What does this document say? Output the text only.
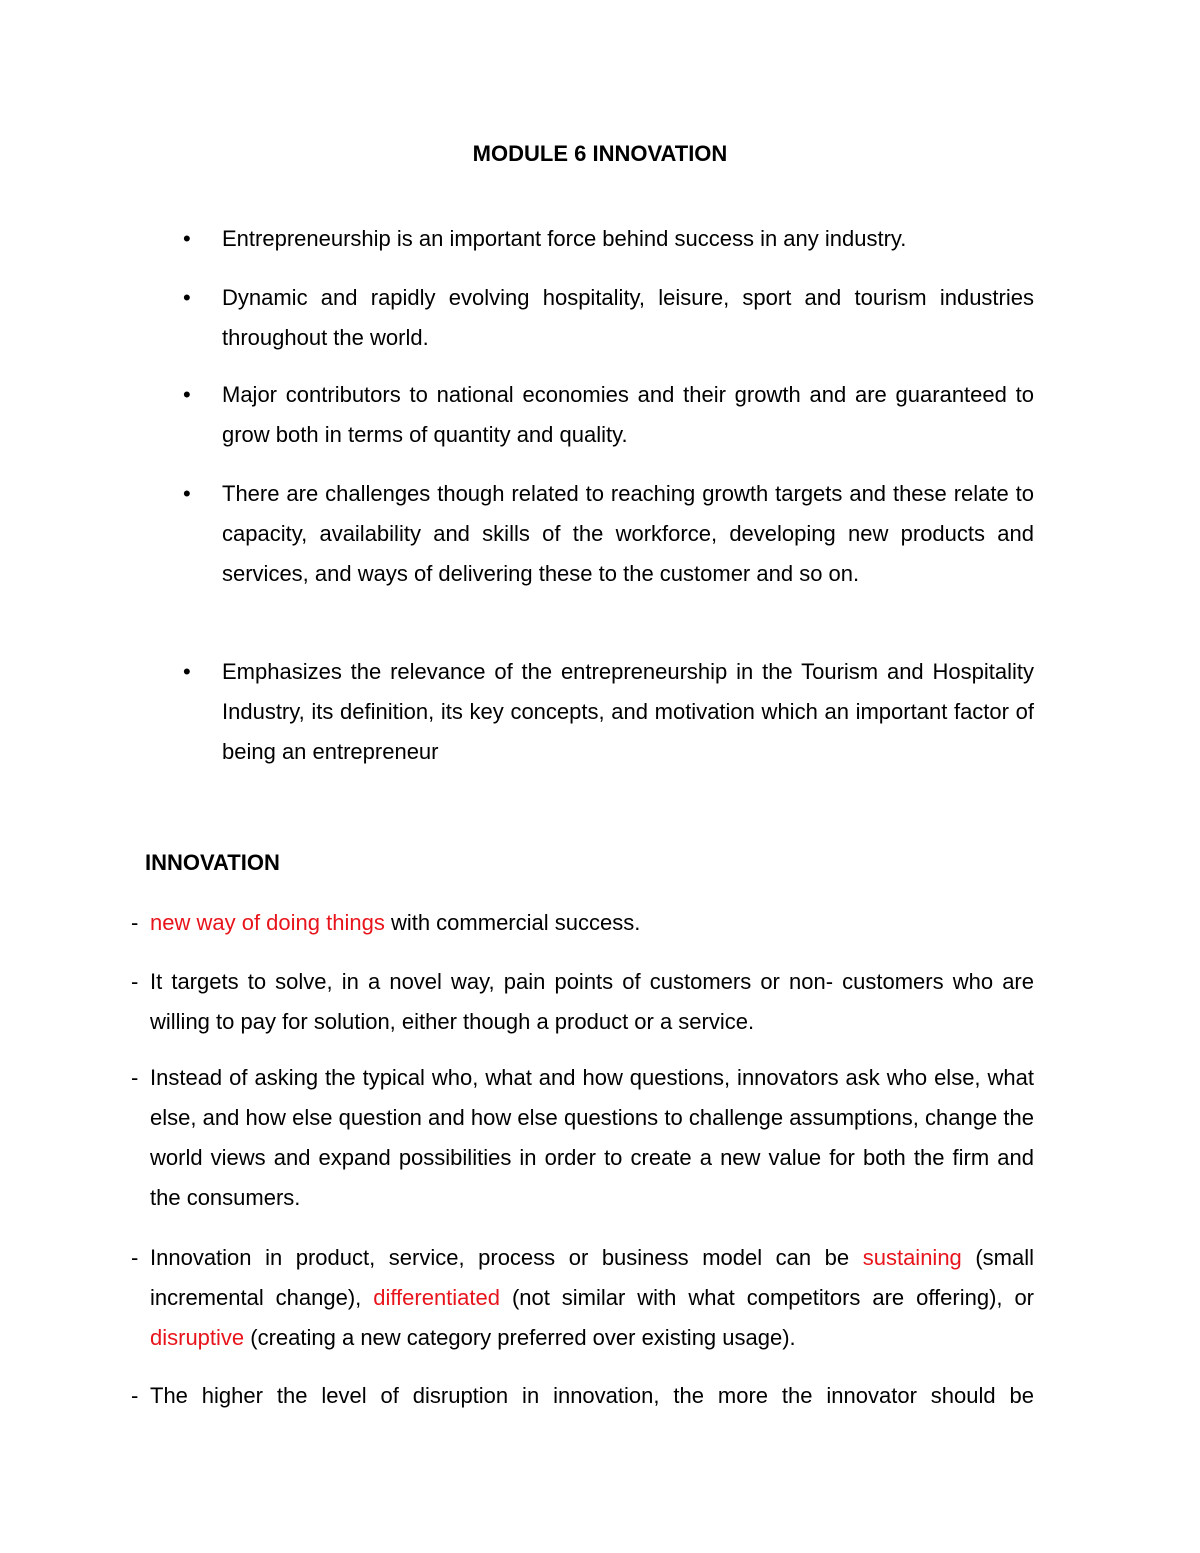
MODULE 6 INNOVATION
•	Entrepreneurship is an important force behind success in any industry.
•	Dynamic and rapidly evolving hospitality, leisure, sport and tourism industries throughout the world.
•	Major contributors to national economies and their growth and are guaranteed to grow both in terms of quantity and quality.
•	There are challenges though related to reaching growth targets and these relate to capacity, availability and skills of the workforce, developing new products and services, and ways of delivering these to the customer and so on.
•	Emphasizes the relevance of the entrepreneurship in the Tourism and Hospitality Industry, its definition, its key concepts, and motivation which an important factor of being an entrepreneur
INNOVATION
- new way of doing things with commercial success.
- It targets to solve, in a novel way, pain points of customers or non- customers who are willing to pay for solution, either though a product or a service.
- Instead of asking the typical who, what and how questions, innovators ask who else, what else, and how else question and how else questions to challenge assumptions, change the world views and expand possibilities in order to create a new value for both the firm and the consumers.
- Innovation in product, service, process or business model can be sustaining (small incremental change), differentiated (not similar with what competitors are offering), or disruptive (creating a new category preferred over existing usage).
- The higher the level of disruption in innovation, the more the innovator should be
